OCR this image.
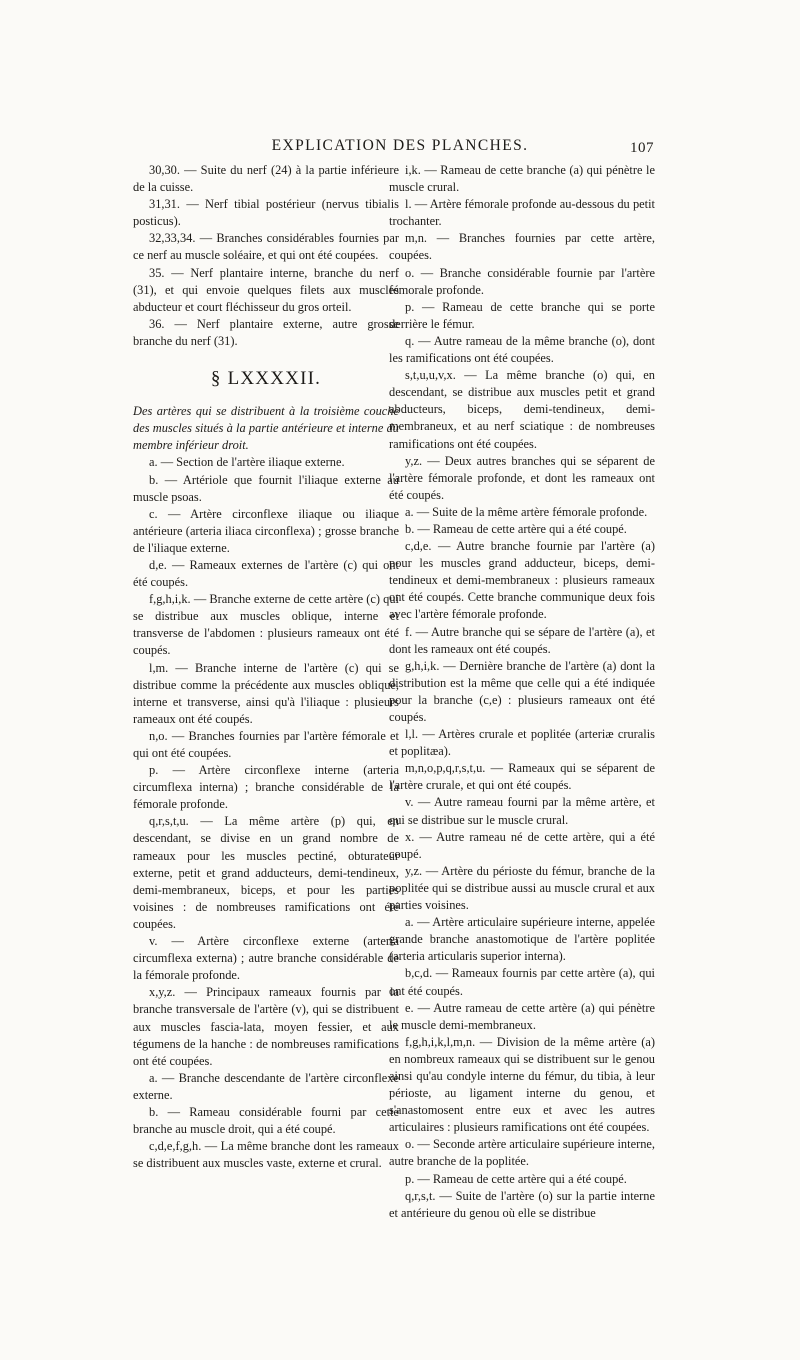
EXPLICATION DES PLANCHES.	107

30,30. — Suite du nerf (24) à la partie inférieure de la cuisse.

31,31. — Nerf tibial postérieur (nervus tibialis posticus).

32,33,34. — Branches considérables fournies par ce nerf au muscle soléaire, et qui ont été coupées.

35. — Nerf plantaire interne, branche du nerf (31), et qui envoie quelques filets aux muscles abducteur et court fléchisseur du gros orteil.

36. — Nerf plantaire externe, autre grosse branche du nerf (31).

§ LXXXXII.

Des artères qui se distribuent à la troisième couche des muscles situés à la partie antérieure et interne du membre inférieur droit.

a. — Section de l'artère iliaque externe.

b. — Artériole que fournit l'iliaque externe au muscle psoas.

c. — Artère circonflexe iliaque ou iliaque antérieure (arteria iliaca circonflexa) ; grosse branche de l'iliaque externe.

d,e. — Rameaux externes de l'artère (c) qui ont été coupés.

f,g,h,i,k. — Branche externe de cette artère (c) qui se distribue aux muscles oblique, interne et transverse de l'abdomen : plusieurs rameaux ont été coupés.

l,m. — Branche interne de l'artère (c) qui se distribue comme la précédente aux muscles oblique, interne et transverse, ainsi qu'à l'iliaque : plusieurs rameaux ont été coupés.

n,o. — Branches fournies par l'artère fémorale et qui ont été coupées.

p. — Artère circonflexe interne (arteria circumflexa interna) ; branche considérable de la fémorale profonde.

q,r,s,t,u. — La même artère (p) qui, en descendant, se divise en un grand nombre de rameaux pour les muscles pectiné, obturateur externe, petit et grand adducteurs, demi-tendineux, demi-membraneux, biceps, et pour les parties voisines : de nombreuses ramifications ont été coupées.

v. — Artère circonflexe externe (arteria circumflexa externa) ; autre branche considérable de la fémorale profonde.

x,y,z. — Principaux rameaux fournis par la branche transversale de l'artère (v), qui se distribuent aux muscles fascia-lata, moyen fessier, et aux tégumens de la hanche : de nombreuses ramifications ont été coupées.

a. — Branche descendante de l'artère circonflexe externe.

b. — Rameau considérable fourni par cette branche au muscle droit, qui a été coupé.

c,d,e,f,g,h. — La même branche dont les rameaux se distribuent aux muscles vaste, externe et crural.

i,k. — Rameau de cette branche (a) qui pénètre le muscle crural.

l. — Artère fémorale profonde au-dessous du petit trochanter.

m,n. — Branches fournies par cette artère, coupées.

o. — Branche considérable fournie par l'artère fémorale profonde.

p. — Rameau de cette branche qui se porte derrière le fémur.

q. — Autre rameau de la même branche (o), dont les ramifications ont été coupées.

s,t,u,u,v,x. — La même branche (o) qui, en descendant, se distribue aux muscles petit et grand abducteurs, biceps, demi-tendineux, demi-membraneux, et au nerf sciatique : de nombreuses ramifications ont été coupées.

y,z. — Deux autres branches qui se séparent de l'artère fémorale profonde, et dont les rameaux ont été coupés.

a. — Suite de la même artère fémorale profonde.

b. — Rameau de cette artère qui a été coupé.

c,d,e. — Autre branche fournie par l'artère (a) pour les muscles grand adducteur, biceps, demi-tendineux et demi-membraneux : plusieurs rameaux ont été coupés. Cette branche communique deux fois avec l'artère fémorale profonde.

f. — Autre branche qui se sépare de l'artère (a), et dont les rameaux ont été coupés.

g,h,i,k. — Dernière branche de l'artère (a) dont la distribution est la même que celle qui a été indiquée pour la branche (c,e) : plusieurs rameaux ont été coupés.

l,l. — Artères crurale et poplitée (arteriæ cruralis et poplitæa).

m,n,o,p,q,r,s,t,u. — Rameaux qui se séparent de l'artère crurale, et qui ont été coupés.

v. — Autre rameau fourni par la même artère, et qui se distribue sur le muscle crural.

x. — Autre rameau né de cette artère, qui a été coupé.

y,z. — Artère du périoste du fémur, branche de la poplitée qui se distribue aussi au muscle crural et aux parties voisines.

a. — Artère articulaire supérieure interne, appelée grande branche anastomotique de l'artère poplitée (arteria articularis superior interna).

b,c,d. — Rameaux fournis par cette artère (a), qui ont été coupés.

e. — Autre rameau de cette artère (a) qui pénètre le muscle demi-membraneux.

f,g,h,i,k,l,m,n. — Division de la même artère (a) en nombreux rameaux qui se distribuent sur le genou ainsi qu'au condyle interne du fémur, du tibia, à leur périoste, au ligament interne du genou, et s'anastomosent entre eux et avec les autres articulaires : plusieurs ramifications ont été coupées.

o. — Seconde artère articulaire supérieure interne, autre branche de la poplitée.

p. — Rameau de cette artère qui a été coupé.

q,r,s,t. — Suite de l'artère (o) sur la partie interne et antérieure du genou où elle se distribue
